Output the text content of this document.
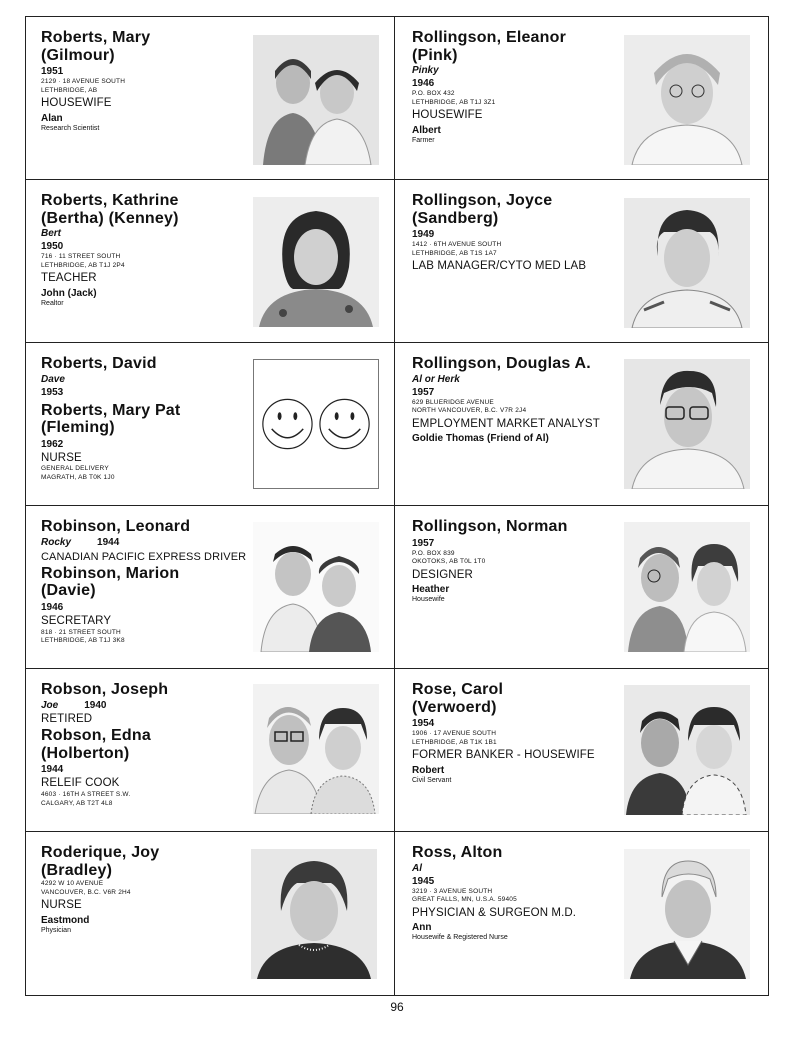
Roberts, Mary
(Gilmour)
1951
2129 · 18 AVENUE SOUTH
LETHBRIDGE, AB
HOUSEWIFE
Alan
Research Scientist
Rollingson, Eleanor
(Pink)
Pinky
1946
P.O. BOX 432
LETHBRIDGE, AB T1J 3Z1
HOUSEWIFE
Albert
Farmer
Roberts, Kathrine
(Bertha) (Kenney)
Bert
1950
716 · 11 STREET SOUTH
LETHBRIDGE, AB T1J 2P4
TEACHER
John (Jack)
Realtor
Rollingson, Joyce
(Sandberg)
1949
1412 · 6TH AVENUE SOUTH
LETHBRIDGE, AB T1S 1A7
LAB MANAGER/CYTO MED LAB
Roberts, David
Dave
1953
Roberts, Mary Pat
(Fleming)
1962
NURSE
GENERAL DELIVERY
MAGRATH, AB T0K 1J0
Rollingson, Douglas A.
Al or Herk
1957
629 BLUERIDGE AVENUE
NORTH VANCOUVER, B.C. V7R 2J4
EMPLOYMENT MARKET ANALYST
Goldie Thomas (Friend of Al)
Robinson, Leonard
Rocky	1944
CANADIAN PACIFIC EXPRESS DRIVER
Robinson, Marion
(Davie)
1946
SECRETARY
818 · 21 STREET SOUTH
LETHBRIDGE, AB T1J 3K8
Rollingson, Norman
1957
P.O. BOX 839
OKOTOKS, AB T0L 1T0
DESIGNER
Heather
Housewife
Robson, Joseph
Joe	1940
RETIRED
Robson, Edna
(Holberton)
1944
RELEIF COOK
4603 · 16TH A STREET S.W.
CALGARY, AB T2T 4L8
Rose, Carol
(Verwoerd)
1954
1906 · 17 AVENUE SOUTH
LETHBRIDGE, AB T1K 1B1
FORMER BANKER - HOUSEWIFE
Robert
Civil Servant
Roderique, Joy
(Bradley)
4292 W 10 AVENUE
VANCOUVER, B.C. V6R 2H4
NURSE
Eastmond
Physician
Ross, Alton
Al
1945
3219 · 3 AVENUE SOUTH
GREAT FALLS, MN, U.S.A. 59405
PHYSICIAN & SURGEON M.D.
Ann
Housewife & Registered Nurse
96
